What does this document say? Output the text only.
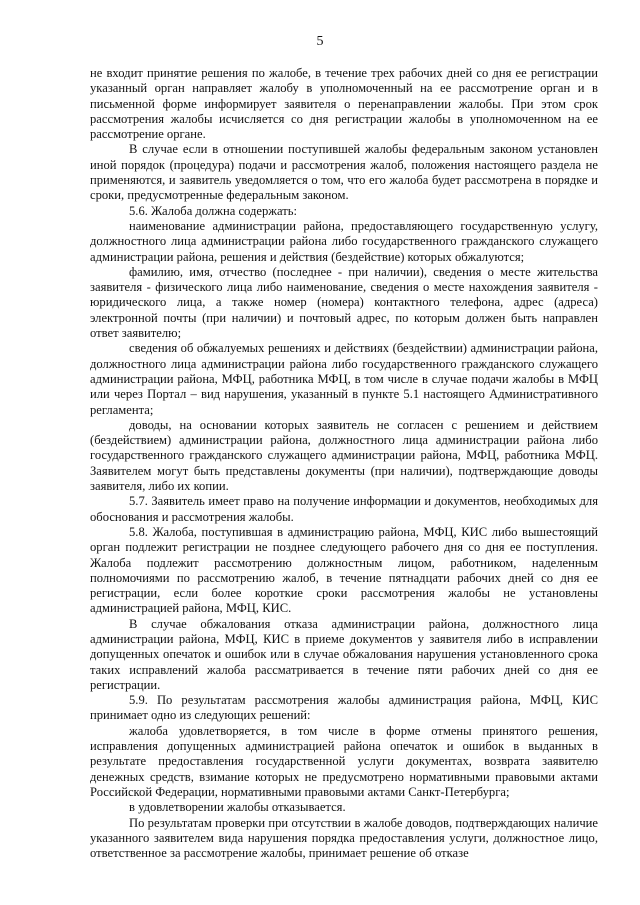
5

не входит принятие решения по жалобе, в течение трех рабочих дней со дня ее регистрации указанный орган направляет жалобу в уполномоченный на ее рассмотрение орган и в письменной форме информирует заявителя о перенаправлении жалобы. При этом срок рассмотрения жалобы исчисляется со дня регистрации жалобы в уполномоченном на ее рассмотрение органе.

В случае если в отношении поступившей жалобы федеральным законом установлен иной порядок (процедура) подачи и рассмотрения жалоб, положения настоящего раздела не применяются, и заявитель уведомляется о том, что его жалоба будет рассмотрена в порядке и сроки, предусмотренные федеральным законом.

5.6. Жалоба должна содержать:

наименование администрации района, предоставляющего государственную услугу, должностного лица администрации района либо государственного гражданского служащего администрации района, решения и действия (бездействие) которых обжалуются;

фамилию, имя, отчество (последнее - при наличии), сведения о месте жительства заявителя - физического лица либо наименование, сведения о месте нахождения заявителя - юридического лица, а также номер (номера) контактного телефона, адрес (адреса) электронной почты (при наличии) и почтовый адрес, по которым должен быть направлен ответ заявителю;

сведения об обжалуемых решениях и действиях (бездействии) администрации района, должностного лица администрации района либо государственного гражданского служащего администрации района, МФЦ, работника МФЦ, в том числе в случае подачи жалобы в МФЦ или через Портал – вид нарушения, указанный в пункте 5.1 настоящего Административного регламента;

доводы, на основании которых заявитель не согласен с решением и действием (бездействием) администрации района, должностного лица администрации района либо государственного гражданского служащего администрации района, МФЦ, работника МФЦ. Заявителем могут быть представлены документы (при наличии), подтверждающие доводы заявителя, либо их копии.

5.7. Заявитель имеет право на получение информации и документов, необходимых для обоснования и рассмотрения жалобы.

5.8. Жалоба, поступившая в администрацию района, МФЦ, КИС либо вышестоящий орган подлежит регистрации не позднее следующего рабочего дня со дня ее поступления. Жалоба подлежит рассмотрению должностным лицом, работником, наделенным полномочиями по рассмотрению жалоб, в течение пятнадцати рабочих дней со дня ее регистрации, если более короткие сроки рассмотрения жалобы не установлены администрацией района, МФЦ, КИС.

В случае обжалования отказа администрации района, должностного лица администрации района, МФЦ, КИС в приеме документов у заявителя либо в исправлении допущенных опечаток и ошибок или в случае обжалования нарушения установленного срока таких исправлений жалоба рассматривается в течение пяти рабочих дней со дня ее регистрации.

5.9. По результатам рассмотрения жалобы администрация района, МФЦ, КИС принимает одно из следующих решений:

жалоба удовлетворяется, в том числе в форме отмены принятого решения, исправления допущенных администрацией района опечаток и ошибок в выданных в результате предоставления государственной услуги документах, возврата заявителю денежных средств, взимание которых не предусмотрено нормативными правовыми актами Российской Федерации, нормативными правовыми актами Санкт-Петербурга;

в удовлетворении жалобы отказывается.

По результатам проверки при отсутствии в жалобе доводов, подтверждающих наличие указанного заявителем вида нарушения порядка предоставления услуги, должностное лицо, ответственное за рассмотрение жалобы, принимает решение об отказе
